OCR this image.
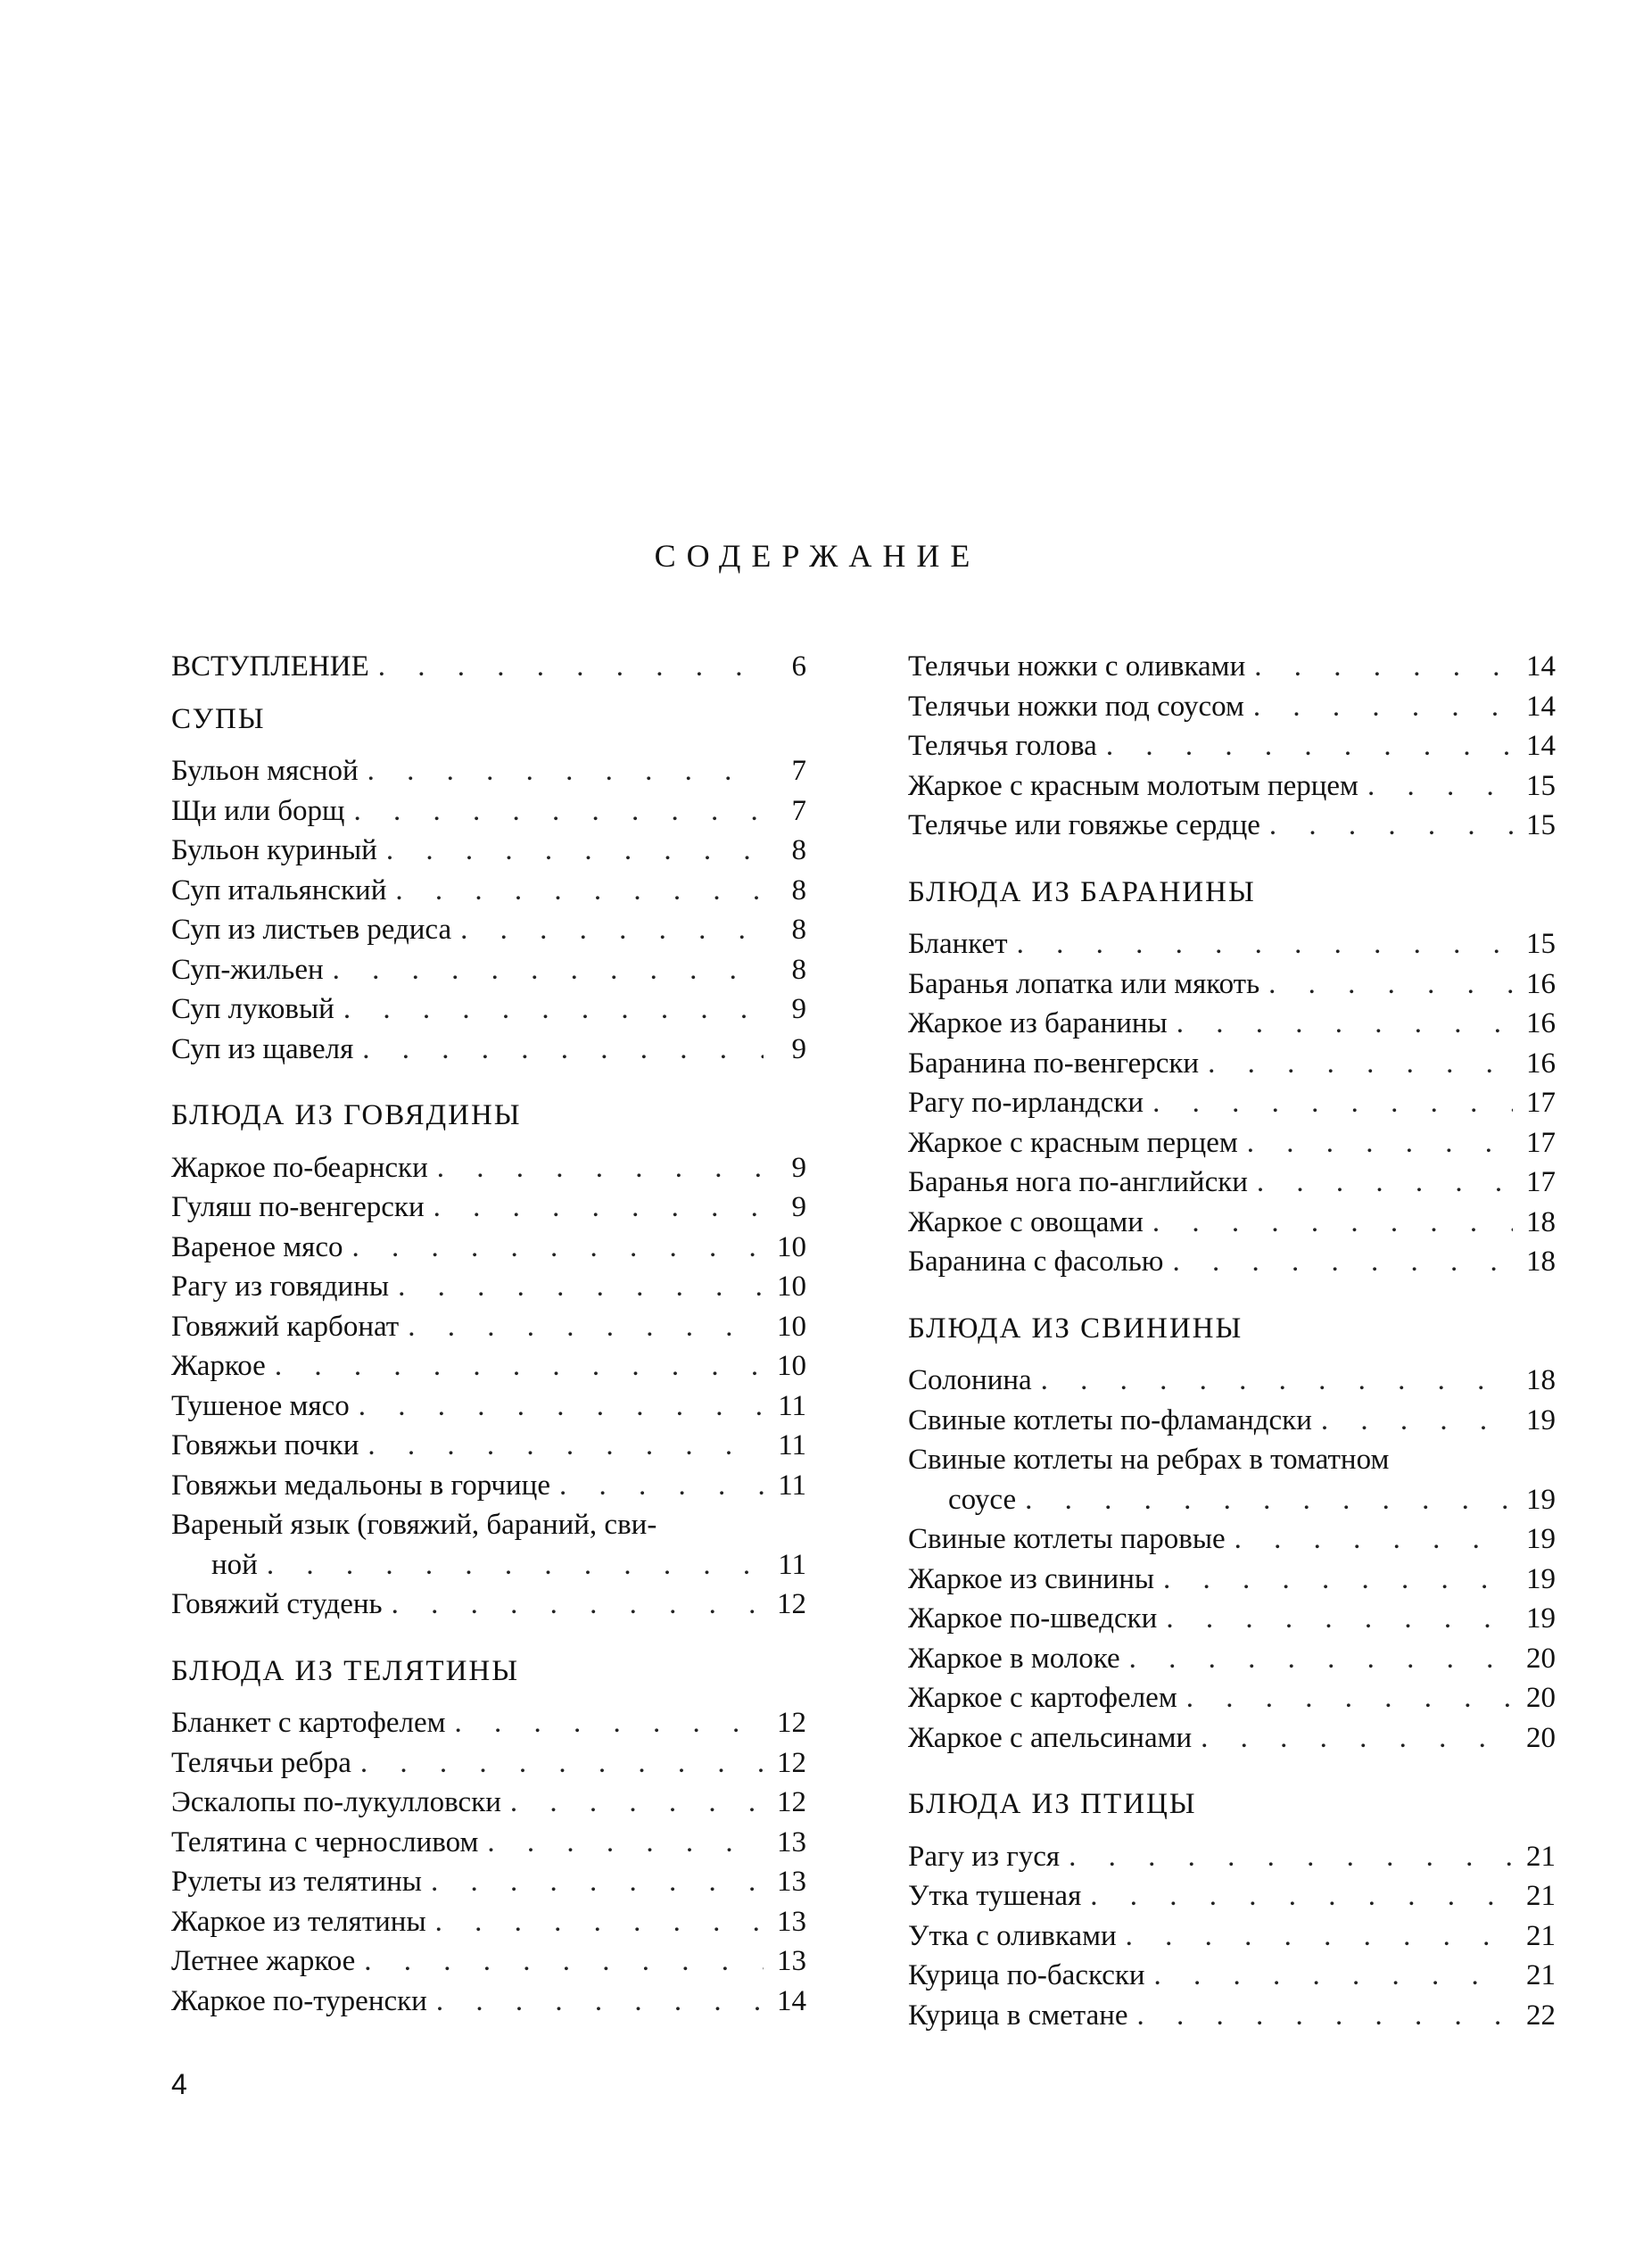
СОДЕРЖАНИЕ
ВСТУПЛЕНИЕ . . .	6
СУПЫ
Бульон мясной . . .	7
Щи или борщ . . .	7
Бульон куриный . . .	8
Суп итальянский . . .	8
Суп из листьев редиса . . .	8
Суп-жильен . . .	8
Суп луковый . . .	9
Суп из щавеля . . .	9
БЛЮДА ИЗ ГОВЯДИНЫ
Жаркое по-беарнски . . .	9
Гуляш по-венгерски . . .	9
Вареное мясо . . .	10
Рагу из говядины . . .	10
Говяжий карбонат . . .	10
Жаркое . . .	10
Тушеное мясо . . .	11
Говяжьи почки . . .	11
Говяжьи медальоны в горчице . . .	11
Вареный язык (говяжий, бараний, сви-
ной . . .	11
Говяжий студень . . .	12
БЛЮДА ИЗ ТЕЛЯТИНЫ
Бланкет с картофелем . . .	12
Телячьи ребра . . .	12
Эскалопы по-лукулловски . . .	12
Телятина с черносливом . . .	13
Рулеты из телятины . . .	13
Жаркое из телятины . . .	13
Летнее жаркое . . .	13
Жаркое по-туренски . . .	14
Телячьи ножки с оливками . . .	14
Телячьи ножки под соусом . . .	14
Телячья голова . . .	14
Жаркое с красным молотым перцем . . .	15
Телячье или говяжье сердце . . .	15
БЛЮДА ИЗ БАРАНИНЫ
Бланкет . . .	15
Баранья лопатка или мякоть . . .	16
Жаркое из баранины . . .	16
Баранина по-венгерски . . .	16
Рагу по-ирландски . . .	17
Жаркое с красным перцем . . .	17
Баранья нога по-английски . . .	17
Жаркое с овощами . . .	18
Баранина с фасолью . . .	18
БЛЮДА ИЗ СВИНИНЫ
Солонина . . .	18
Свиные котлеты по-фламандски . . .	19
Свиные котлеты на ребрах в томатном
соусе . . .	19
Свиные котлеты паровые . . .	19
Жаркое из свинины . . .	19
Жаркое по-шведски . . .	19
Жаркое в молоке . . .	20
Жаркое с картофелем . . .	20
Жаркое с апельсинами . . .	20
БЛЮДА ИЗ ПТИЦЫ
Рагу из гуся . . .	21
Утка тушеная . . .	21
Утка с оливками . . .	21
Курица по-баскски . . .	21
Курица в сметане . . .	22
4
